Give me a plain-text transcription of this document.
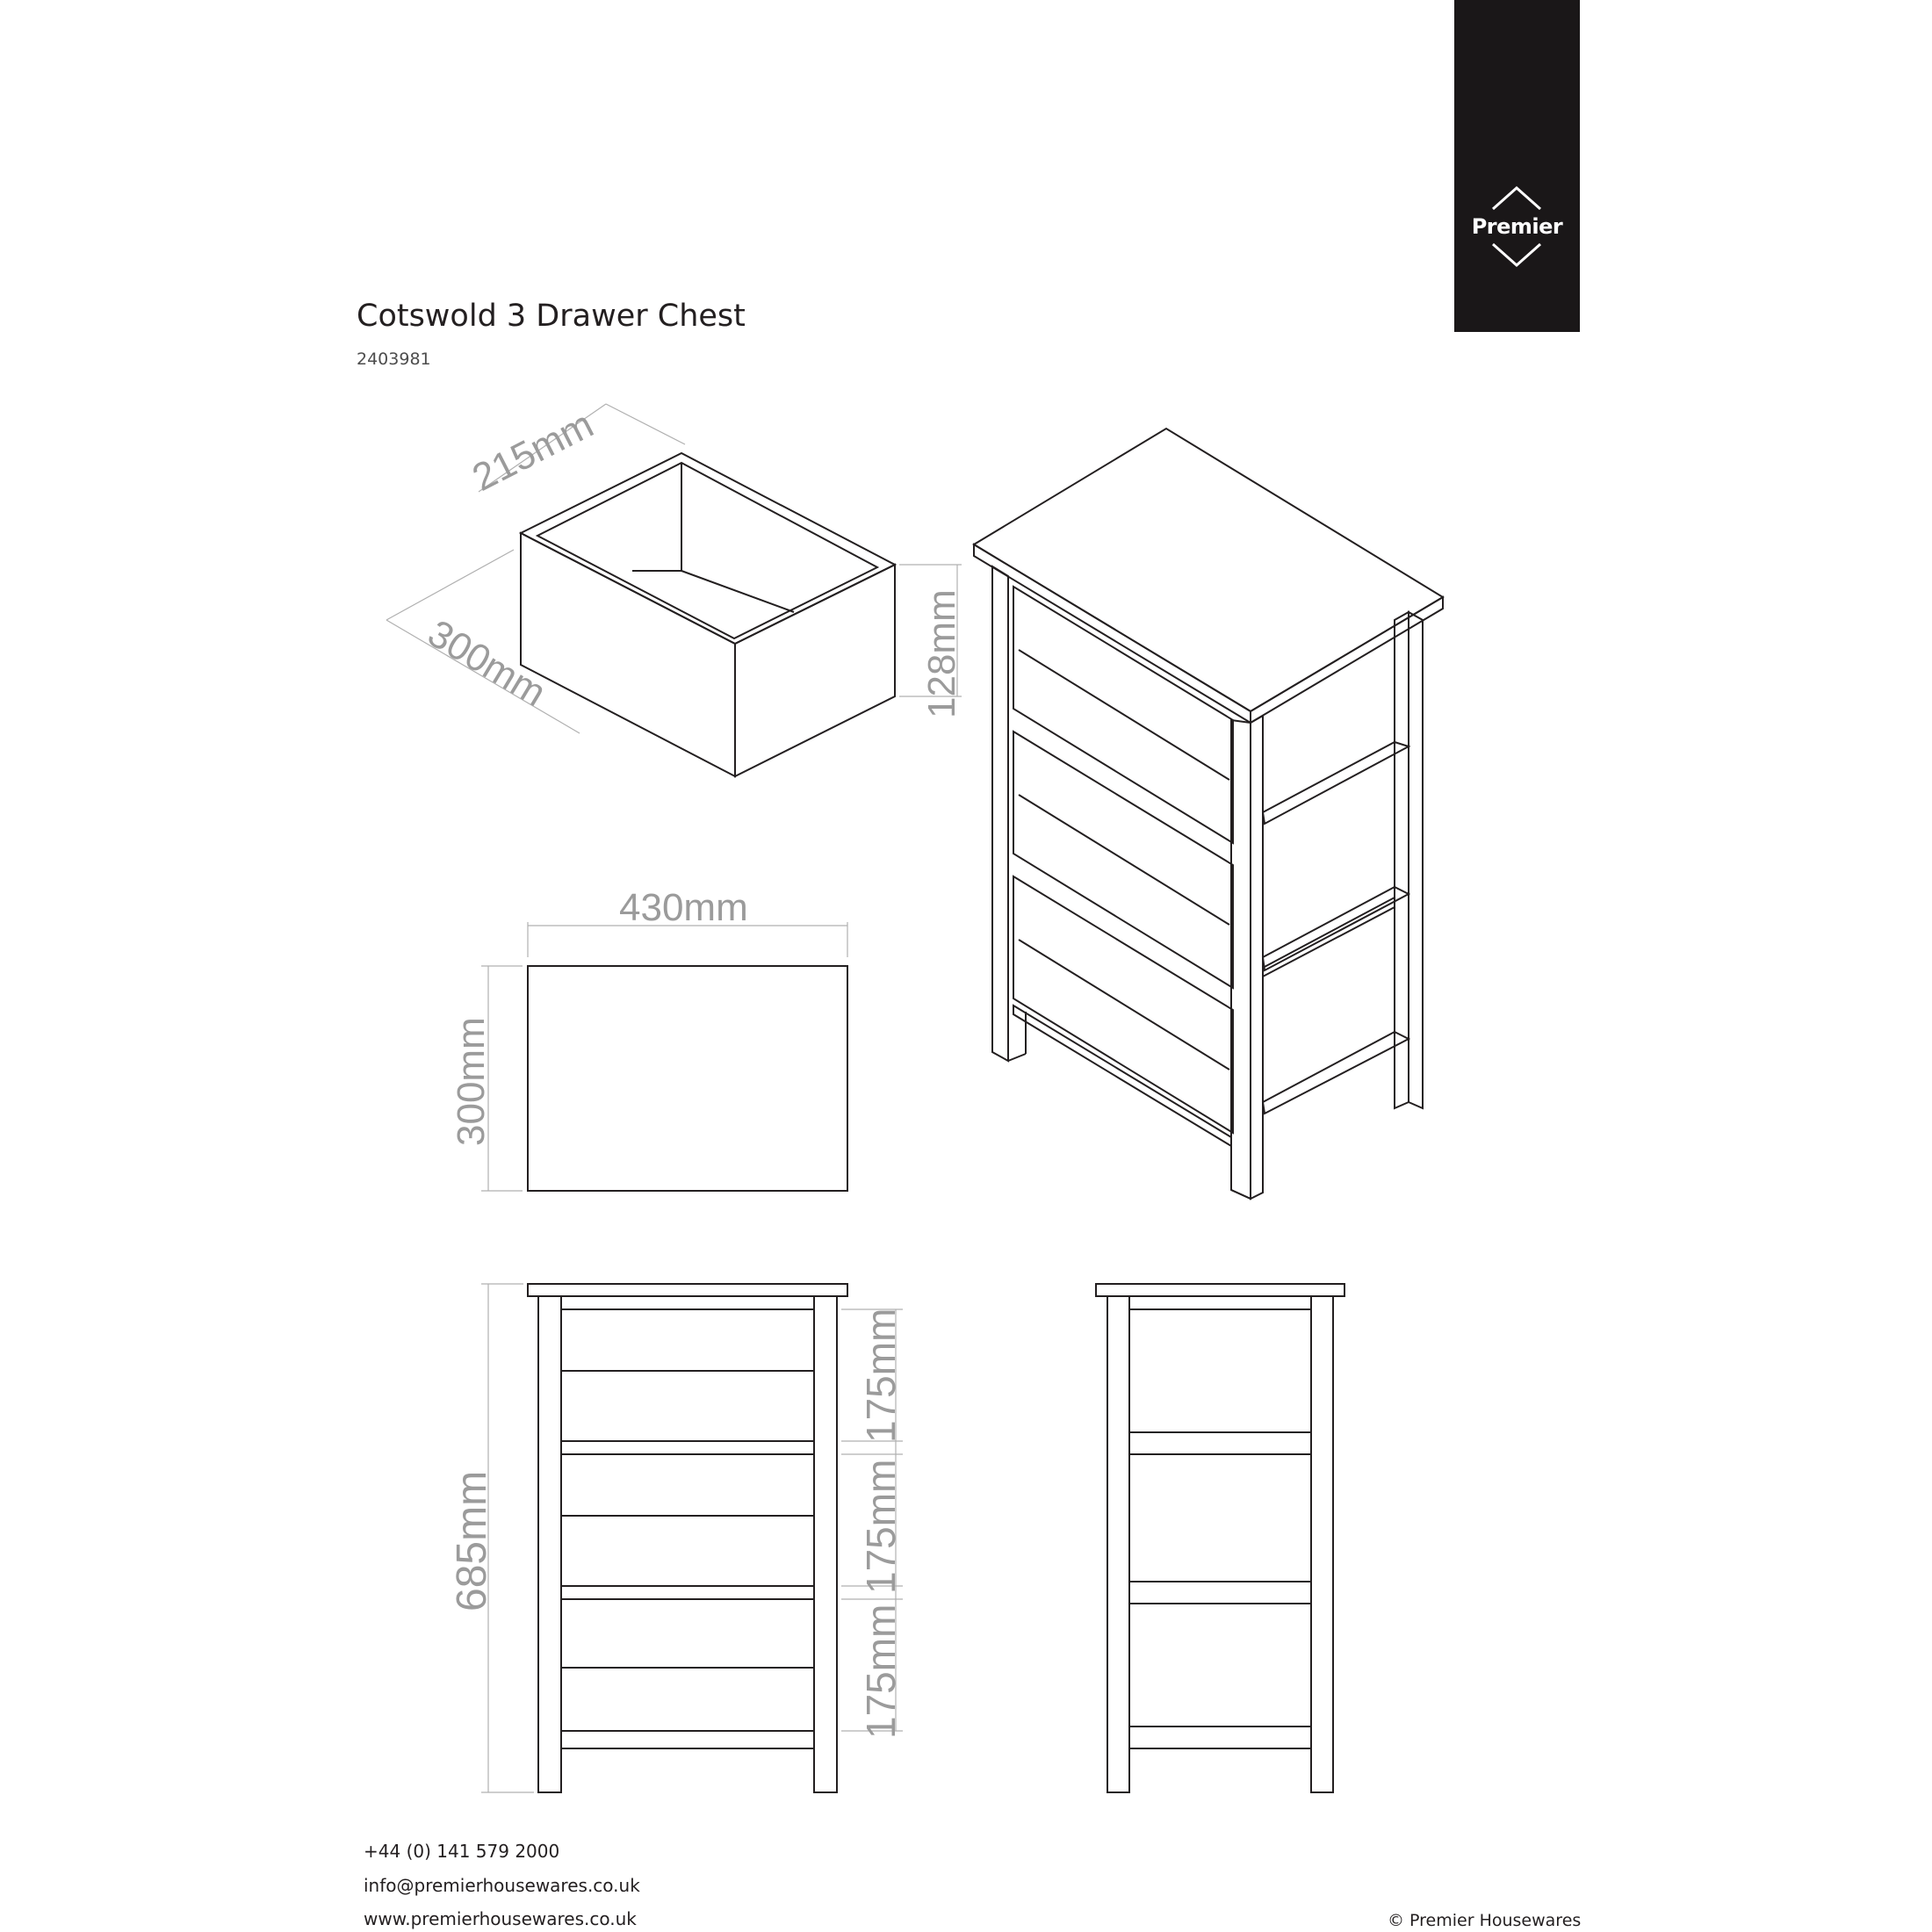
Premier
Cotswold 3 Drawer Chest
2403981
215mm
300mm	128mm
430mm
300mm
685mm
175mm
175mm
175mm
+44 (0) 141 579 2000
info@premierhousewares.co.uk
www.premierhousewares.co.uk	© Premier Housewares
